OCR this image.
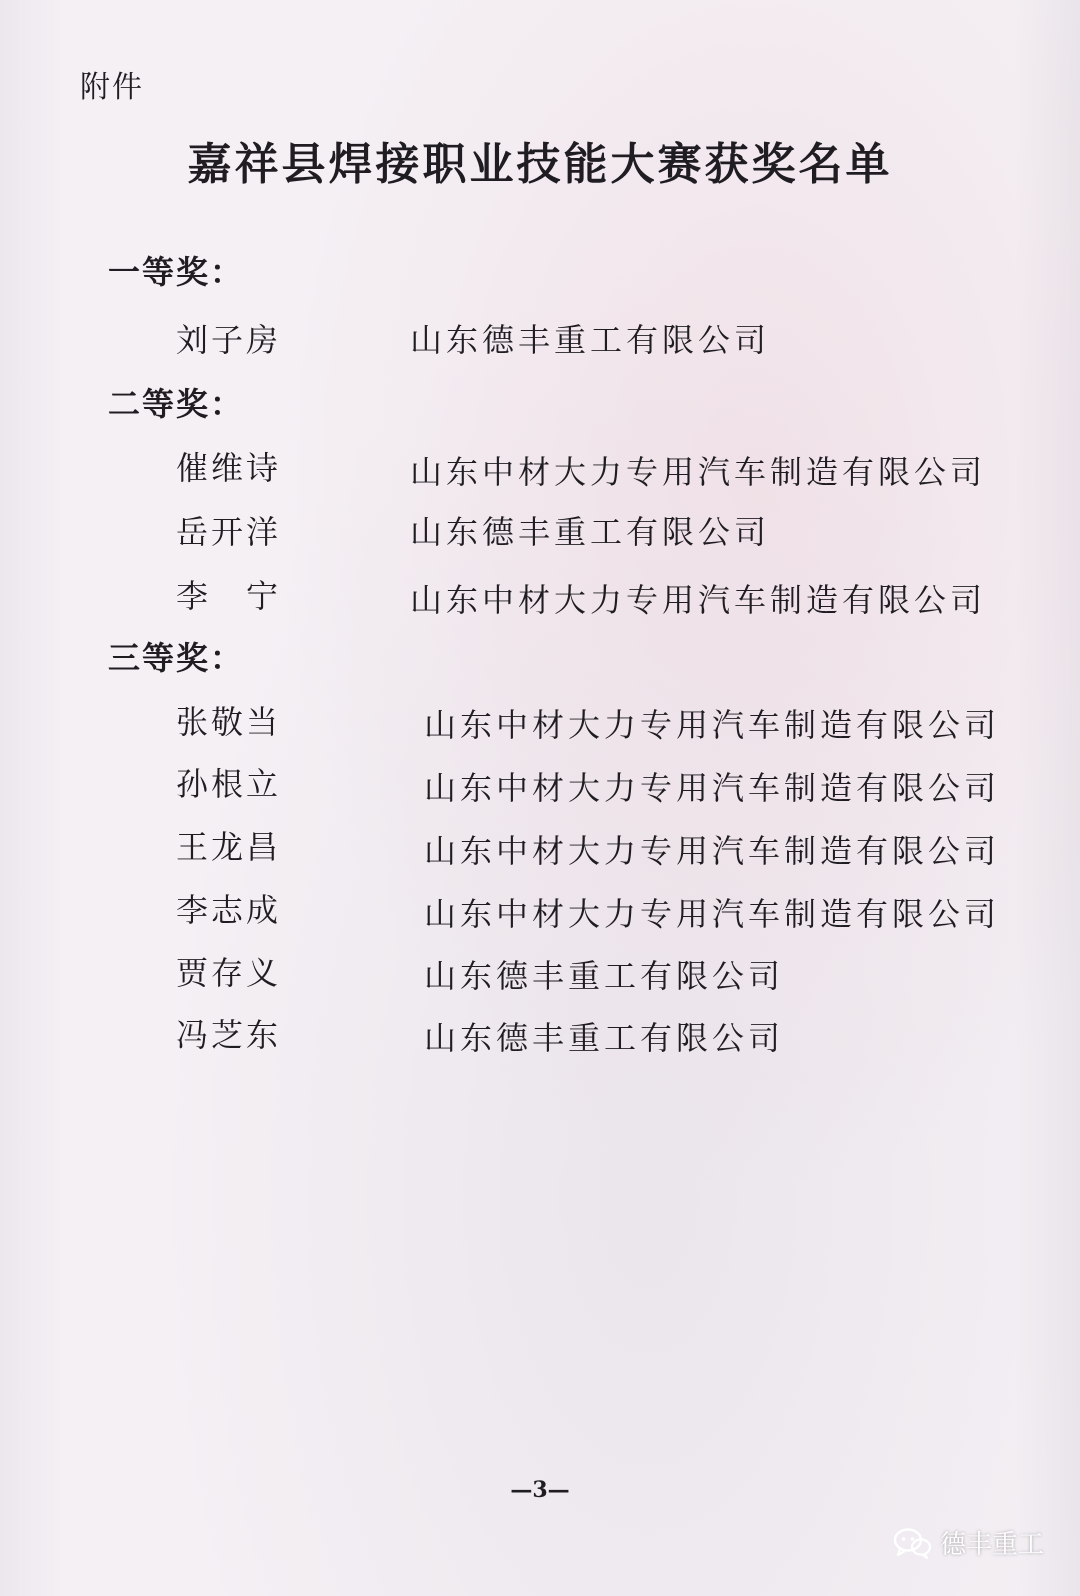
附件
嘉祥县焊接职业技能大赛获奖名单
一等奖：
刘子房	山东德丰重工有限公司
二等奖：
催维诗	山东中材大力专用汽车制造有限公司
岳开洋	山东德丰重工有限公司
李　宁	山东中材大力专用汽车制造有限公司
三等奖：
张敬当	山东中材大力专用汽车制造有限公司
孙根立	山东中材大力专用汽车制造有限公司
王龙昌	山东中材大力专用汽车制造有限公司
李志成	山东中材大力专用汽车制造有限公司
贾存义	山东德丰重工有限公司
冯芝东	山东德丰重工有限公司
—3—
德丰重工
